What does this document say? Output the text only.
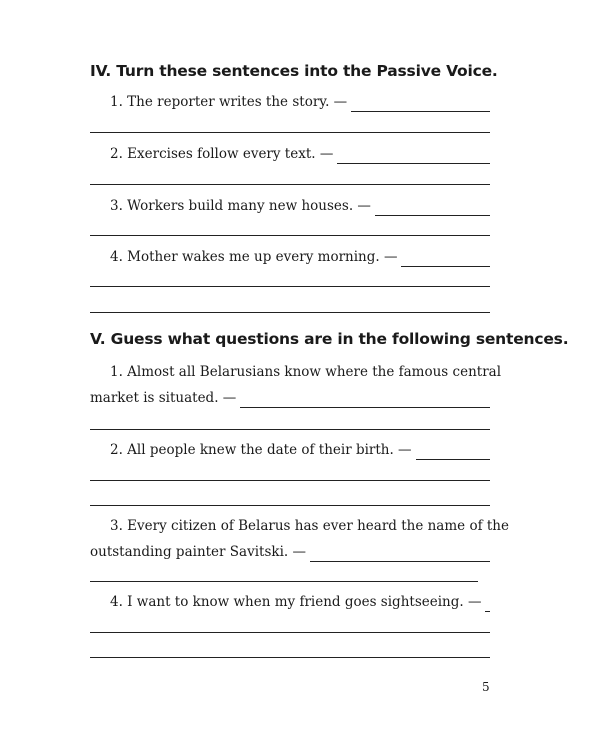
IV. Turn these sentences into the Passive Voice.
1. The reporter writes the story. —
2. Exercises follow every text. —
3. Workers build many new houses. —
4. Mother wakes me up every morning. —
V. Guess what questions are in the following sentences.
1. Almost all Belarusians know where the famous central
market is situated. —
2. All people knew the date of their birth. —
3. Every citizen of Belarus has ever heard the name of the
outstanding painter Savitski. —
4. I want to know when my friend goes sightseeing. —
5
